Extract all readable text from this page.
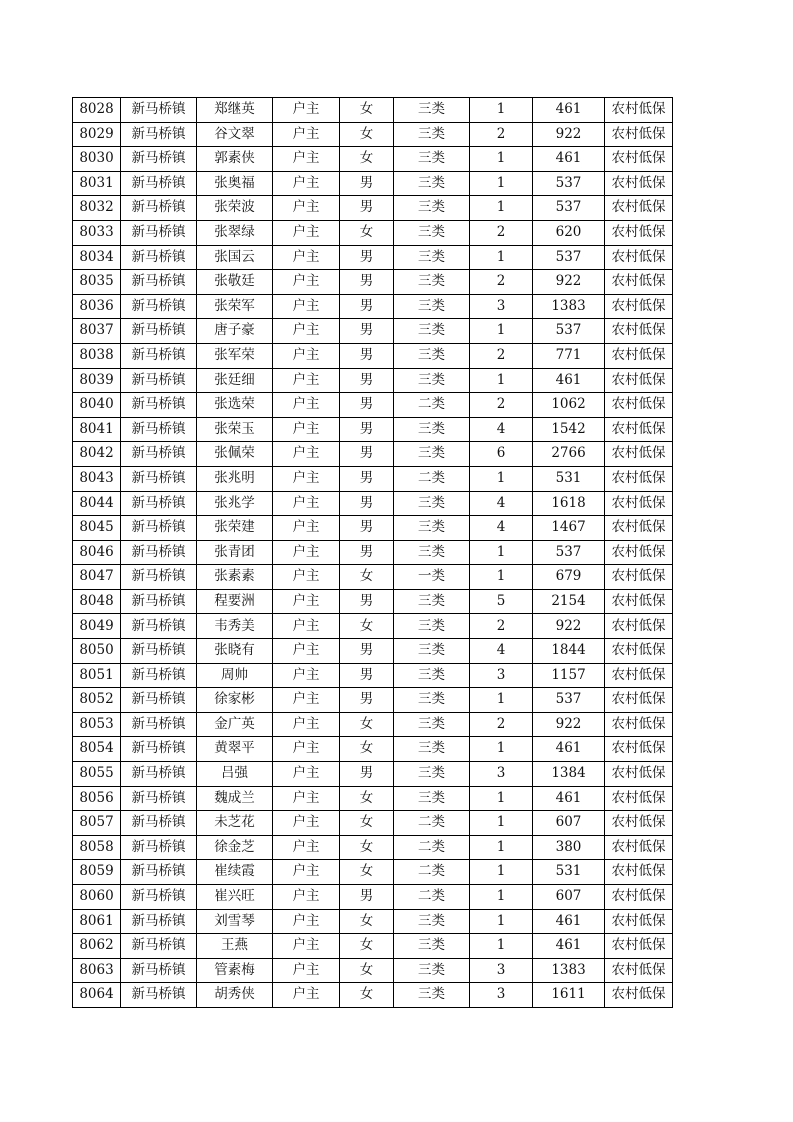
8028	新马桥镇	郑继英	户主	女	三类	1	461	农村低保
8029	新马桥镇	谷文翠	户主	女	三类	2	922	农村低保
8030	新马桥镇	郭素侠	户主	女	三类	1	461	农村低保
8031	新马桥镇	张奥福	户主	男	三类	1	537	农村低保
8032	新马桥镇	张荣波	户主	男	三类	1	537	农村低保
8033	新马桥镇	张翠绿	户主	女	三类	2	620	农村低保
8034	新马桥镇	张国云	户主	男	三类	1	537	农村低保
8035	新马桥镇	张敬廷	户主	男	三类	2	922	农村低保
8036	新马桥镇	张荣军	户主	男	三类	3	1383	农村低保
8037	新马桥镇	唐子豪	户主	男	三类	1	537	农村低保
8038	新马桥镇	张军荣	户主	男	三类	2	771	农村低保
8039	新马桥镇	张廷细	户主	男	三类	1	461	农村低保
8040	新马桥镇	张选荣	户主	男	二类	2	1062	农村低保
8041	新马桥镇	张荣玉	户主	男	三类	4	1542	农村低保
8042	新马桥镇	张佩荣	户主	男	三类	6	2766	农村低保
8043	新马桥镇	张兆明	户主	男	二类	1	531	农村低保
8044	新马桥镇	张兆学	户主	男	三类	4	1618	农村低保
8045	新马桥镇	张荣建	户主	男	三类	4	1467	农村低保
8046	新马桥镇	张青团	户主	男	三类	1	537	农村低保
8047	新马桥镇	张素素	户主	女	一类	1	679	农村低保
8048	新马桥镇	程要洲	户主	男	三类	5	2154	农村低保
8049	新马桥镇	韦秀美	户主	女	三类	2	922	农村低保
8050	新马桥镇	张晓有	户主	男	三类	4	1844	农村低保
8051	新马桥镇	周帅	户主	男	三类	3	1157	农村低保
8052	新马桥镇	徐家彬	户主	男	三类	1	537	农村低保
8053	新马桥镇	金广英	户主	女	三类	2	922	农村低保
8054	新马桥镇	黄翠平	户主	女	三类	1	461	农村低保
8055	新马桥镇	吕强	户主	男	三类	3	1384	农村低保
8056	新马桥镇	魏成兰	户主	女	三类	1	461	农村低保
8057	新马桥镇	未芝花	户主	女	二类	1	607	农村低保
8058	新马桥镇	徐金芝	户主	女	二类	1	380	农村低保
8059	新马桥镇	崔续霞	户主	女	二类	1	531	农村低保
8060	新马桥镇	崔兴旺	户主	男	二类	1	607	农村低保
8061	新马桥镇	刘雪琴	户主	女	三类	1	461	农村低保
8062	新马桥镇	王燕	户主	女	三类	1	461	农村低保
8063	新马桥镇	管素梅	户主	女	三类	3	1383	农村低保
8064	新马桥镇	胡秀侠	户主	女	三类	3	1611	农村低保
